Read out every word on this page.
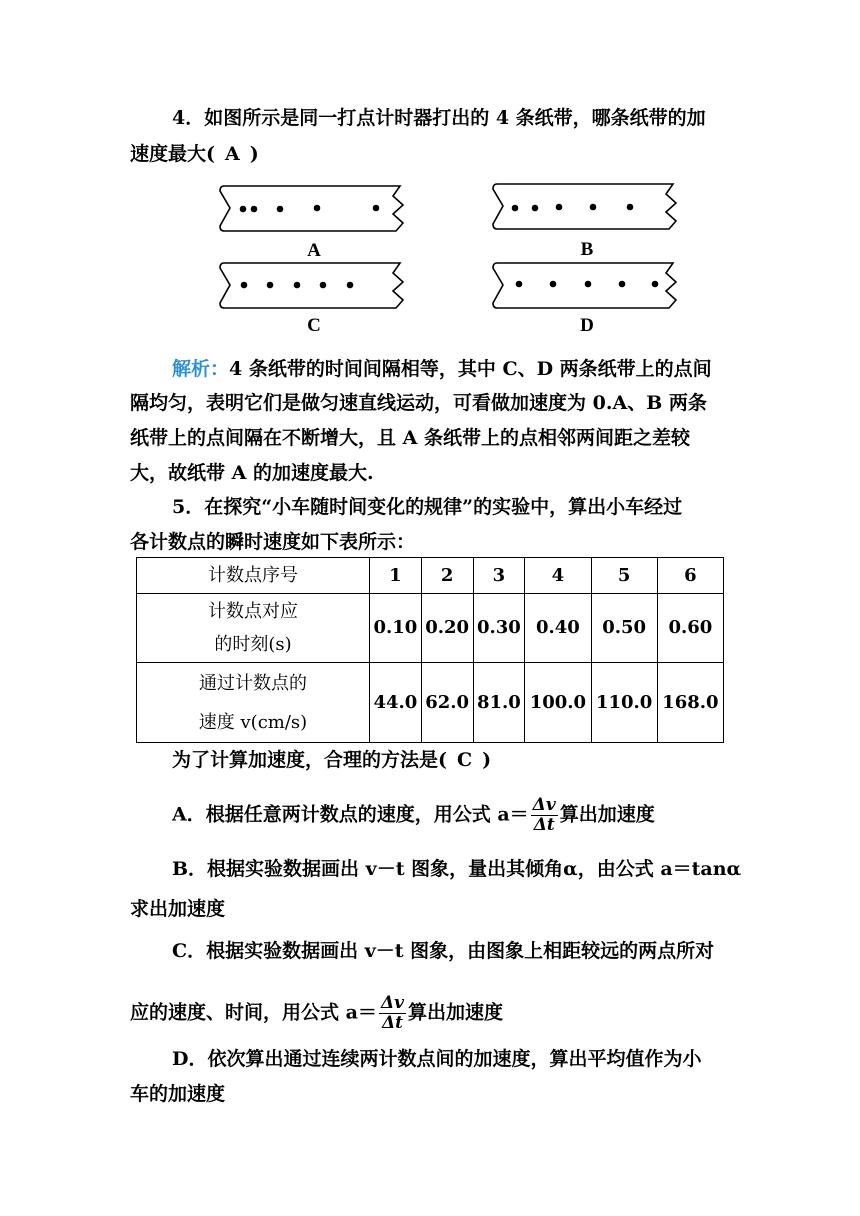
4．如图所示是同一打点计时器打出的 4 条纸带，哪条纸带的加
速度最大( A )
A	B
C	D
解析：4 条纸带的时间间隔相等，其中 C、D 两条纸带上的点间
隔均匀，表明它们是做匀速直线运动，可看做加速度为 0.A、B 两条
纸带上的点间隔在不断增大，且 A 条纸带上的点相邻两间距之差较
大，故纸带 A 的加速度最大.
5．在探究“小车随时间变化的规律”的实验中，算出小车经过
各计数点的瞬时速度如下表所示：
计数点序号	1	2	3	4	5	6

计数点对应
的时刻(s)	0.10	0.20	0.30	0.40	0.50	0.60

通过计数点的
速度 v(cm/s)	44.0	62.0	81.0	100.0	110.0	168.0
为了计算加速度，合理的方法是( C )
A．根据任意两计数点的速度，用公式 $a= \frac{\Delta v}{\Delta t}$ 算出加速度
B．根据实验数据画出 v－t 图象，量出其倾角α，由公式 a＝tanα
求出加速度
C．根据实验数据画出 v－t 图象，由图象上相距较远的两点所对
应的速度、时间，用公式 $a= \frac{\Delta v}{\Delta t}$ 算出加速度
D．依次算出通过连续两计数点间的加速度，算出平均值作为小
车的加速度
